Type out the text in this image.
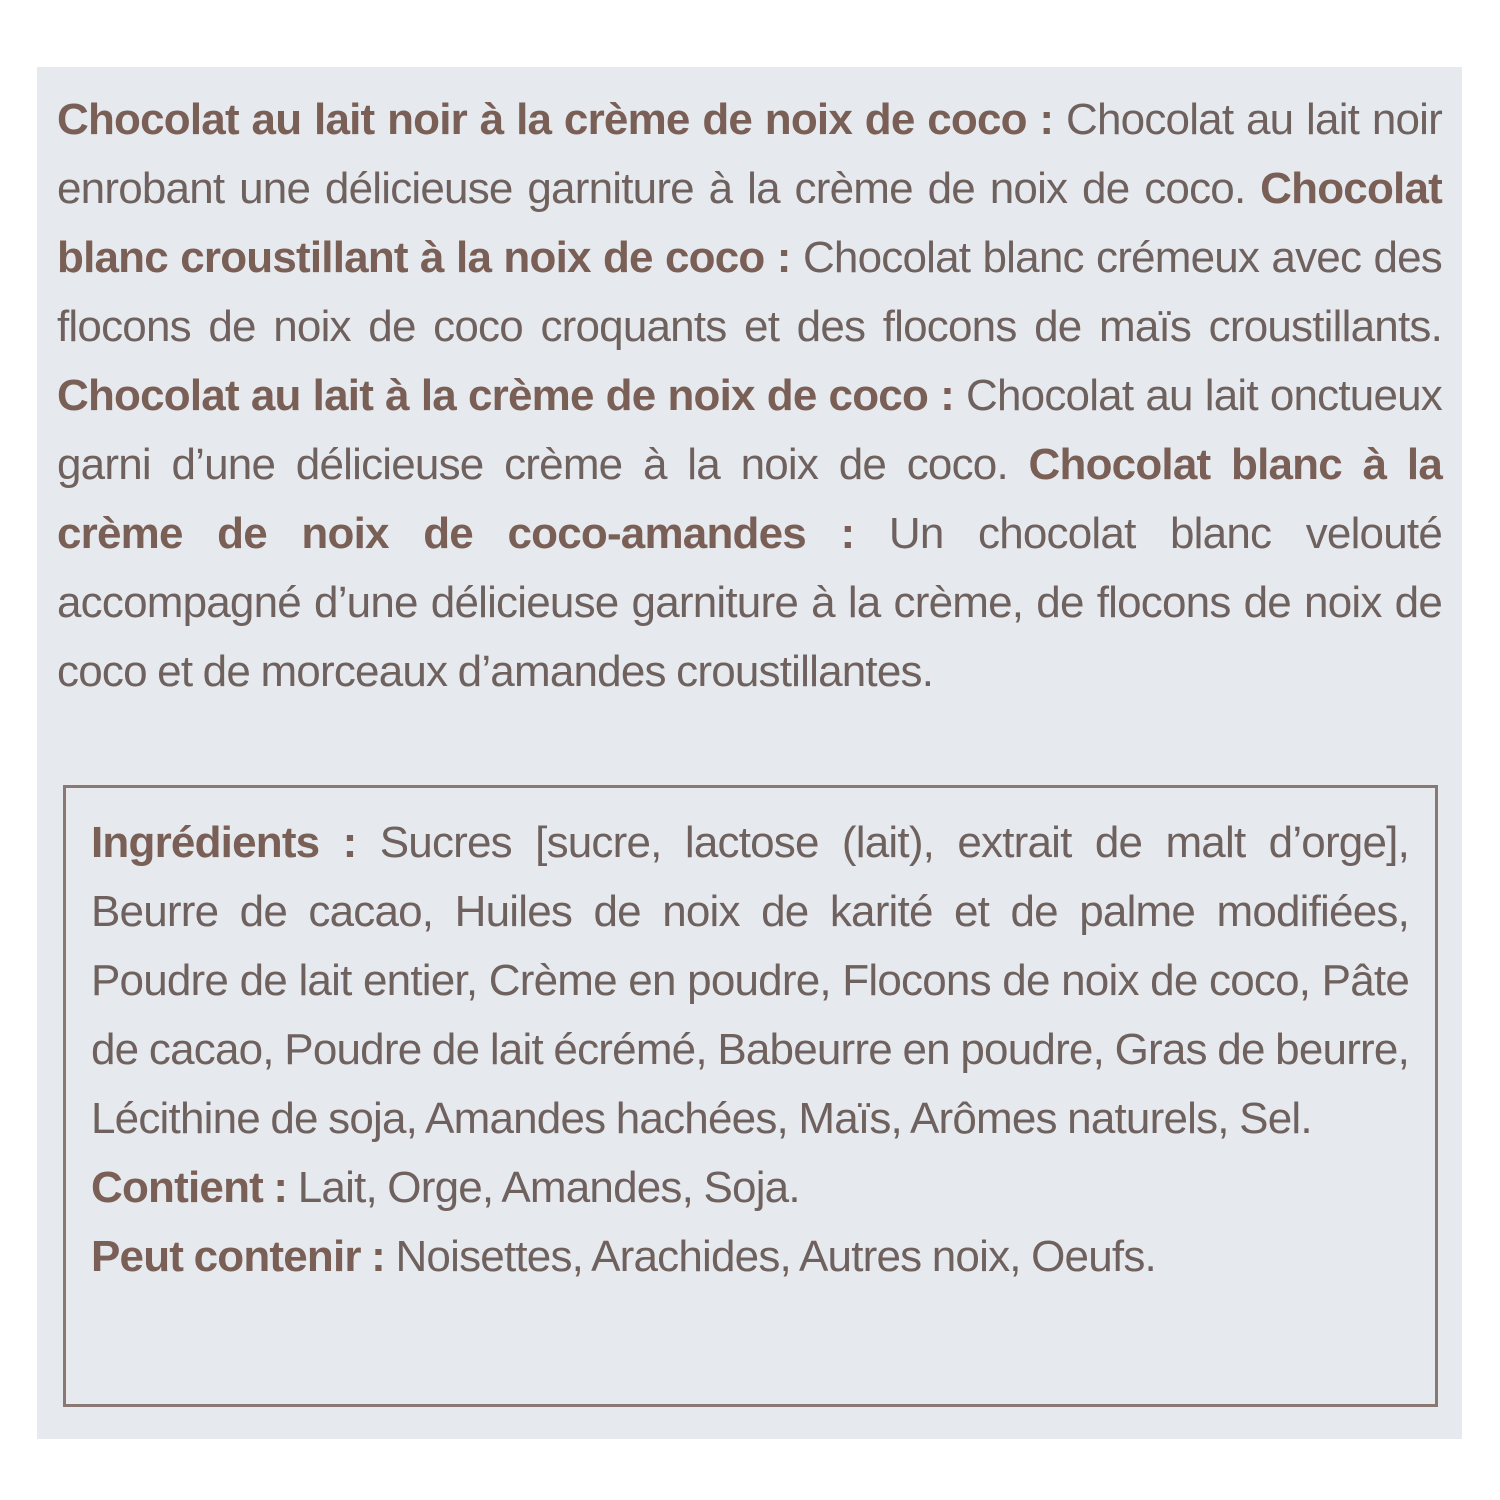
Chocolat au lait noir à la crème de noix de coco : Chocolat au lait noir enrobant une délicieuse garniture à la crème de noix de coco. Chocolat blanc croustillant à la noix de coco : Chocolat blanc crémeux avec des flocons de noix de coco croquants et des flocons de maïs croustillants. Chocolat au lait à la crème de noix de coco : Chocolat au lait onctueux garni d’une délicieuse crème à la noix de coco. Chocolat blanc à la crème de noix de coco-amandes : Un chocolat blanc velouté accompagné d’une délicieuse garniture à la crème, de flocons de noix de coco et de morceaux d’amandes croustillantes.

Ingrédients : Sucres [sucre, lactose (lait), extrait de malt d’orge], Beurre de cacao, Huiles de noix de karité et de palme modifiées, Poudre de lait entier, Crème en poudre, Flocons de noix de coco, Pâte de cacao, Poudre de lait écrémé, Babeurre en poudre, Gras de beurre, Lécithine de soja, Amandes hachées, Maïs, Arômes naturels, Sel.
Contient : Lait, Orge, Amandes, Soja.
Peut contenir : Noisettes, Arachides, Autres noix, Oeufs.
